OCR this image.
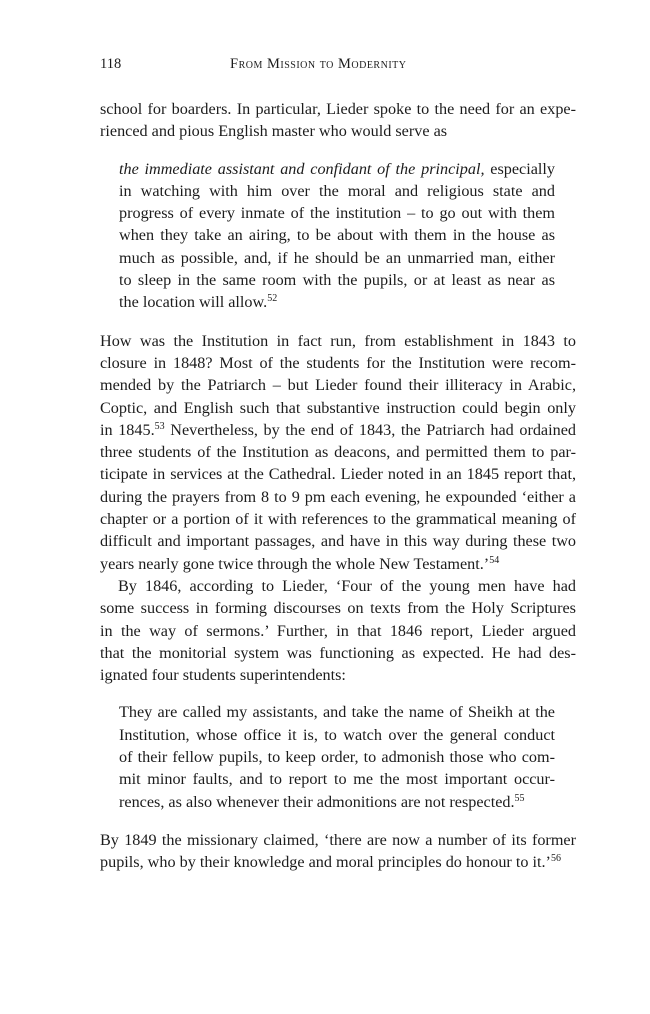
118	From Mission to Modernity
school for boarders. In particular, Lieder spoke to the need for an expe-
rienced and pious English master who would serve as
the immediate assistant and confidant of the principal, especially
in watching with him over the moral and religious state and
progress of every inmate of the institution – to go out with them
when they take an airing, to be about with them in the house as
much as possible, and, if he should be an unmarried man, either
to sleep in the same room with the pupils, or at least as near as
the location will allow.$^{52}$
How was the Institution in fact run, from establishment in 1843 to
closure in 1848? Most of the students for the Institution were recom-
mended by the Patriarch – but Lieder found their illiteracy in Arabic,
Coptic, and English such that substantive instruction could begin only
in 1845.53 Nevertheless, by the end of 1843, the Patriarch had ordained
three students of the Institution as deacons, and permitted them to par-
ticipate in services at the Cathedral. Lieder noted in an 1845 report that,
during the prayers from 8 to 9 pm each evening, he expounded ‘either a
chapter or a portion of it with references to the grammatical meaning of
difficult and important passages, and have in this way during these two
years nearly gone twice through the whole New Testament.’$^{54}$
By 1846, according to Lieder, ‘Four of the young men have had
some success in forming discourses on texts from the Holy Scriptures
in the way of sermons.’ Further, in that 1846 report, Lieder argued
that the monitorial system was functioning as expected. He had des-
ignated four students superintendents:
They are called my assistants, and take the name of Sheikh at the
Institution, whose office it is, to watch over the general conduct
of their fellow pupils, to keep order, to admonish those who com-
mit minor faults, and to report to me the most important occur-
rences, as also whenever their admonitions are not respected.$^{55}$
By 1849 the missionary claimed, ‘there are now a number of its former
pupils, who by their knowledge and moral principles do honour to it.’$^{56}$
